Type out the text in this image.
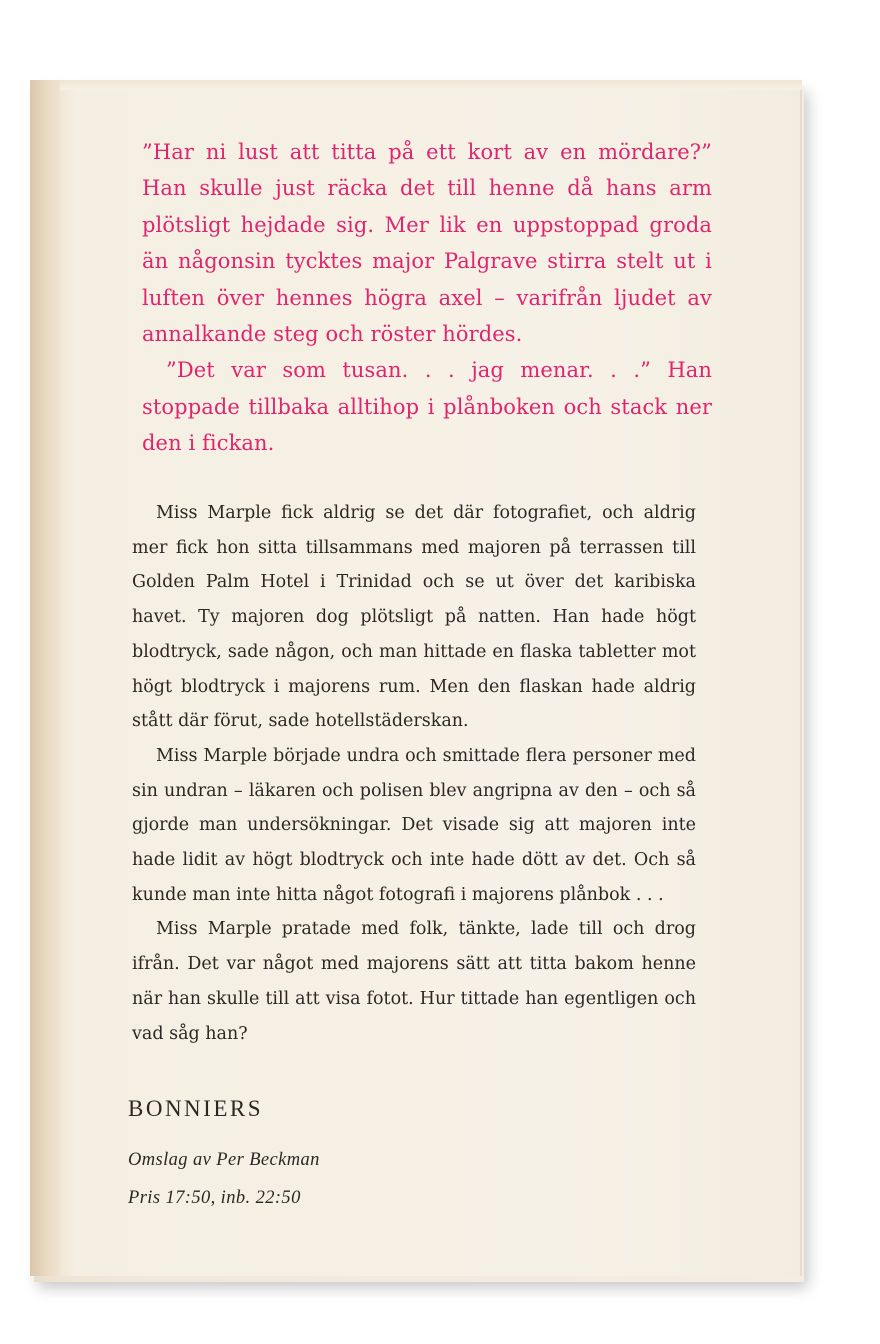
”Har ni lust att titta på ett kort av en mördare?” Han skulle just räcka det till henne då hans arm plötsligt hejdade sig. Mer lik en uppstoppad groda än någonsin tycktes major Palgrave stirra stelt ut i luften över hennes högra axel – varifrån ljudet av annalkande steg och röster hördes.

”Det var som tusan. . . jag menar. . .” Han stoppade tillbaka alltihop i plånboken och stack ner den i fickan.

Miss Marple fick aldrig se det där fotografiet, och aldrig mer fick hon sitta tillsammans med majoren på terrassen till Golden Palm Hotel i Trinidad och se ut över det karibiska havet. Ty majoren dog plötsligt på natten. Han hade högt blodtryck, sade någon, och man hittade en flaska tabletter mot högt blodtryck i majorens rum. Men den flaskan hade aldrig stått där förut, sade hotellstäderskan.

Miss Marple började undra och smittade flera personer med sin undran – läkaren och polisen blev angripna av den – och så gjorde man undersökningar. Det visade sig att majoren inte hade lidit av högt blodtryck och inte hade dött av det. Och så kunde man inte hitta något fotografi i majorens plånbok . . .

Miss Marple pratade med folk, tänkte, lade till och drog ifrån. Det var något med majorens sätt att titta bakom henne när han skulle till att visa fotot. Hur tittade han egentligen och vad såg han?

BONNIERS
Omslag av Per Beckman
Pris 17:50, inb. 22:50
